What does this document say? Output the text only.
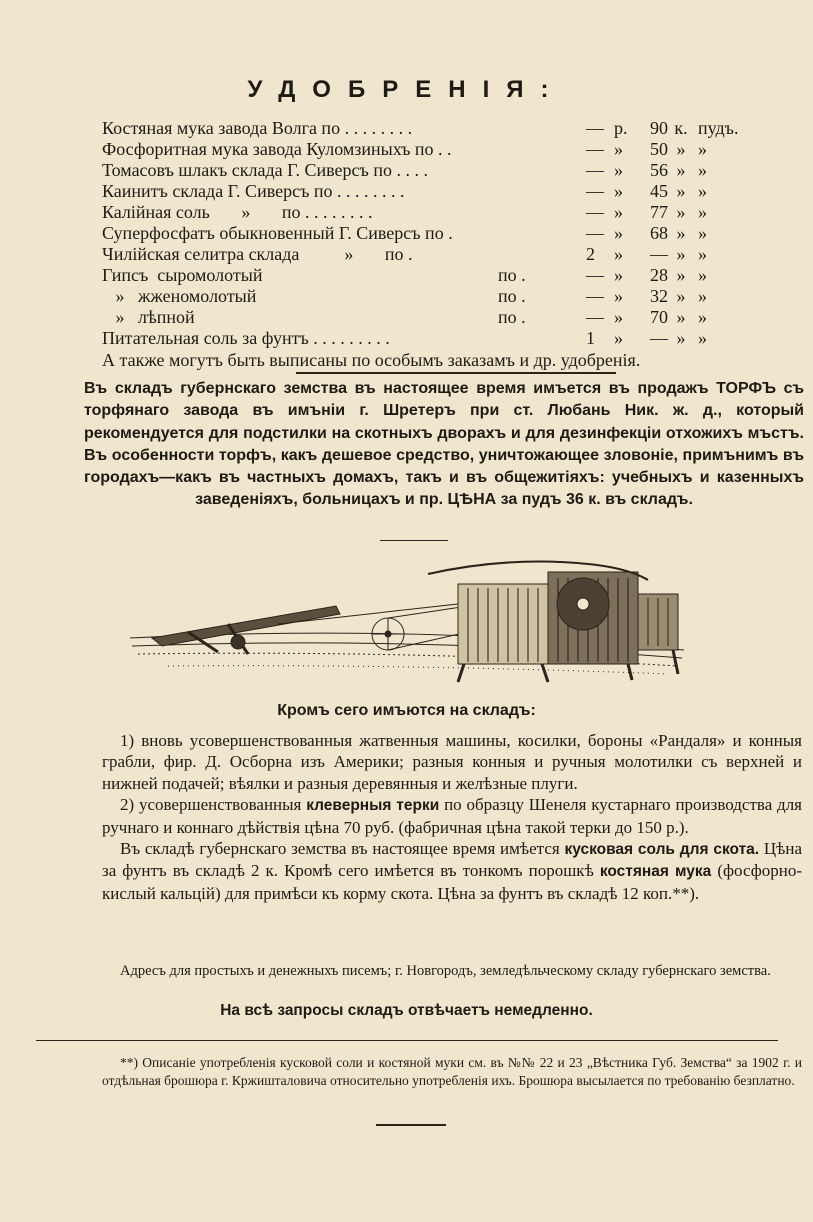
УДОБРЕНІЯ:
Костяная мука завода Волга по . . . . . . . .	— р.	90 к. пудъ.
Фосфоритная мука завода Куломзиныхъ по . .	— »	50 » »
Томасовъ шлакъ склада Г. Сиверсъ по . . . .	— »	56 » »
Каинитъ склада Г. Сиверсъ по . . . . . . . .	— »	45 » »
Калійная соль       »       по . . . . . . . .	— »	77 » »
Суперфосфатъ обыкновенный Г. Сиверсъ по .	— »	68 » »
Чилійская селитра склада          »       по .	2 »	— » »
Гипсъ  сыромолотый	по .	— »	28 » »
»   жженомолотый	по .	— »	32 » »
»   лѣпной	по .	— »	70 » »
Питательная соль за фунтъ . . . . . . . . .	1 »	— » »
А также могутъ быть выписаны по особымъ заказамъ и др. удобренія.
Въ складъ губернскаго земства въ настоящее время имъется въ продажъ ТОРФЪ съ торфянаго завода въ имъніи г. Шретеръ при ст. Любань Ник. ж. д., который рекомендуется для подстилки на скотныхъ дворахъ и для дезинфекціи отхожихъ мъстъ. Въ особенности торфъ, какъ дешевое средство, уничтожающее зловоніе, примънимъ въ городахъ—какъ въ частныхъ домахъ, такъ и въ общежитіяхъ: учебныхъ и казенныхъ заведеніяхъ, больницахъ и пр. ЦѢНА за пудъ 36 к. въ складъ.
Кромъ сего имъются на складъ:

1) вновь усовершенствованныя жатвенныя машины, косилки, бороны «Рандаля» и конныя грабли, фир. Д. Осборна изъ Америки; разныя конныя и ручныя молотилки съ верхней и нижней подачей; вѣялки и разныя деревянныя и желѣзные плуги.

2) усовершенствованныя клеверныя терки по образцу Шенеля кустарнаго производства для ручнаго и коннаго дѣйствія цѣна 70 руб. (фабричная цѣна такой терки до 150 р.).

Въ складѣ губернскаго земства въ настоящее время имѣется кусковая соль для скота. Цѣна за фунтъ въ складѣ 2 к. Кромѣ сего имѣется въ тонкомъ порошкѣ костяная мука (фосфорно-кислый кальцій) для примѣси къ корму скота. Цѣна за фунтъ въ складѣ 12 коп.**).

Адресъ для простыхъ и денежныхъ писемъ; г. Новгородъ, земледѣльческому складу губернскаго земства.
На всѣ запросы складъ отвѣчаетъ немедленно.
**) Описаніе употребленія кусковой соли и костяной муки см. въ №№ 22 и 23 „Вѣстника Губ. Земства“ за 1902 г. и отдѣльная брошюра г. Кржишталовича относительно употребленія ихъ. Брошюра высылается по требованію безплатно.
